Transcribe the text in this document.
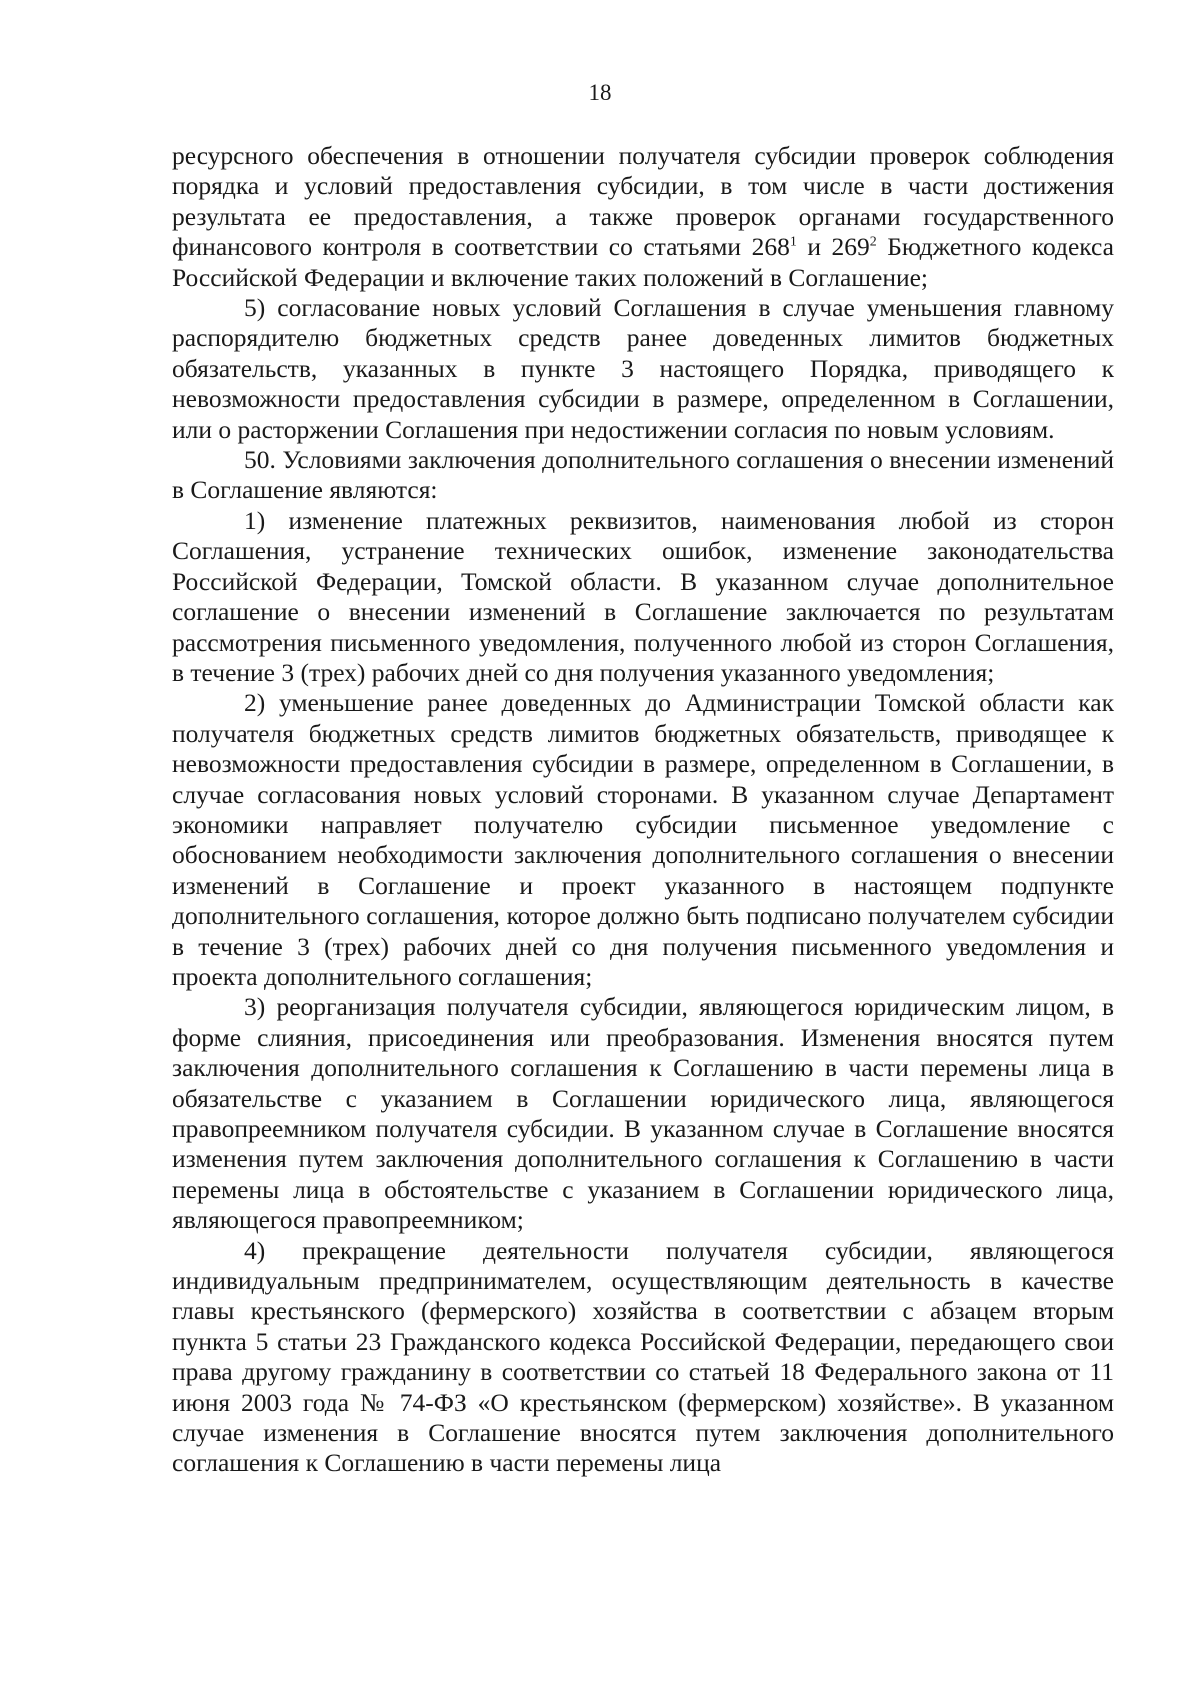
18

ресурсного обеспечения в отношении получателя субсидии проверок соблюдения порядка и условий предоставления субсидии, в том числе в части достижения результата ее предоставления, а также проверок органами государственного финансового контроля в соответствии со статьями $268^1$ и $269^2$ Бюджетного кодекса Российской Федерации и включение таких положений в Соглашение;

5) согласование новых условий Соглашения в случае уменьшения главному распорядителю бюджетных средств ранее доведенных лимитов бюджетных обязательств, указанных в пункте 3 настоящего Порядка, приводящего к невозможности предоставления субсидии в размере, определенном в Соглашении, или о расторжении Соглашения при недостижении согласия по новым условиям.

50. Условиями заключения дополнительного соглашения о внесении изменений в Соглашение являются:

1) изменение платежных реквизитов, наименования любой из сторон Соглашения, устранение технических ошибок, изменение законодательства Российской Федерации, Томской области. В указанном случае дополнительное соглашение о внесении изменений в Соглашение заключается по результатам рассмотрения письменного уведомления, полученного любой из сторон Соглашения, в течение 3 (трех) рабочих дней со дня получения указанного уведомления;

2) уменьшение ранее доведенных до Администрации Томской области как получателя бюджетных средств лимитов бюджетных обязательств, приводящее к невозможности предоставления субсидии в размере, определенном в Соглашении, в случае согласования новых условий сторонами. В указанном случае Департамент экономики направляет получателю субсидии письменное уведомление с обоснованием необходимости заключения дополнительного соглашения о внесении изменений в Соглашение и проект указанного в настоящем подпункте дополнительного соглашения, которое должно быть подписано получателем субсидии в течение 3 (трех) рабочих дней со дня получения письменного уведомления и проекта дополнительного соглашения;

3) реорганизация получателя субсидии, являющегося юридическим лицом, в форме слияния, присоединения или преобразования. Изменения вносятся путем заключения дополнительного соглашения к Соглашению в части перемены лица в обязательстве с указанием в Соглашении юридического лица, являющегося правопреемником получателя субсидии. В указанном случае в Соглашение вносятся изменения путем заключения дополнительного соглашения к Соглашению в части перемены лица в обстоятельстве с указанием в Соглашении юридического лица, являющегося правопреемником;

4) прекращение деятельности получателя субсидии, являющегося индивидуальным предпринимателем, осуществляющим деятельность в качестве главы крестьянского (фермерского) хозяйства в соответствии с абзацем вторым пункта 5 статьи 23 Гражданского кодекса Российской Федерации, передающего свои права другому гражданину в соответствии со статьей 18 Федерального закона от 11 июня 2003 года № 74-ФЗ «О крестьянском (фермерском) хозяйстве». В указанном случае изменения в Соглашение вносятся путем заключения дополнительного соглашения к Соглашению в части перемены лица
